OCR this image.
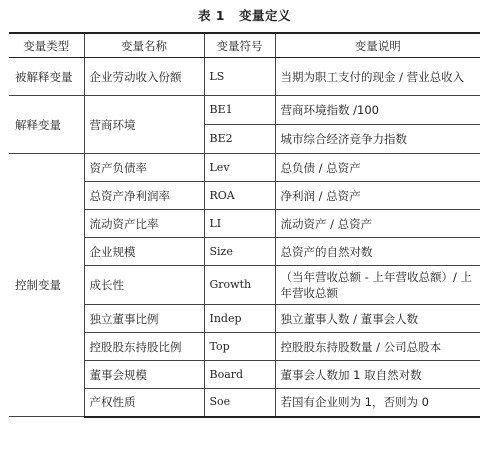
表 1 变量定义
变量类型	变量名称	变量符号	变量说明
被解释变量	企业劳动收入份额	LS	当期为职工支付的现金 / 营业总收入
解释变量	营商环境	BE1	营商环境指数 /100
		BE2	城市综合经济竞争力指数
控制变量	资产负债率	Lev	总负债 / 总资产
	总资产净利润率	ROA	净利润 / 总资产
	流动资产比率	LI	流动资产 / 总资产
	企业规模	Size	总资产的自然对数
	成长性	Growth	（当年营收总额 - 上年营收总额）/ 上年营收总额
	独立董事比例	Indep	独立董事人数 / 董事会人数
	控股股东持股比例	Top	控股股东持股数量 / 公司总股本
	董事会规模	Board	董事会人数加 1 取自然对数
	产权性质	Soe	若国有企业则为 1，否则为 0
